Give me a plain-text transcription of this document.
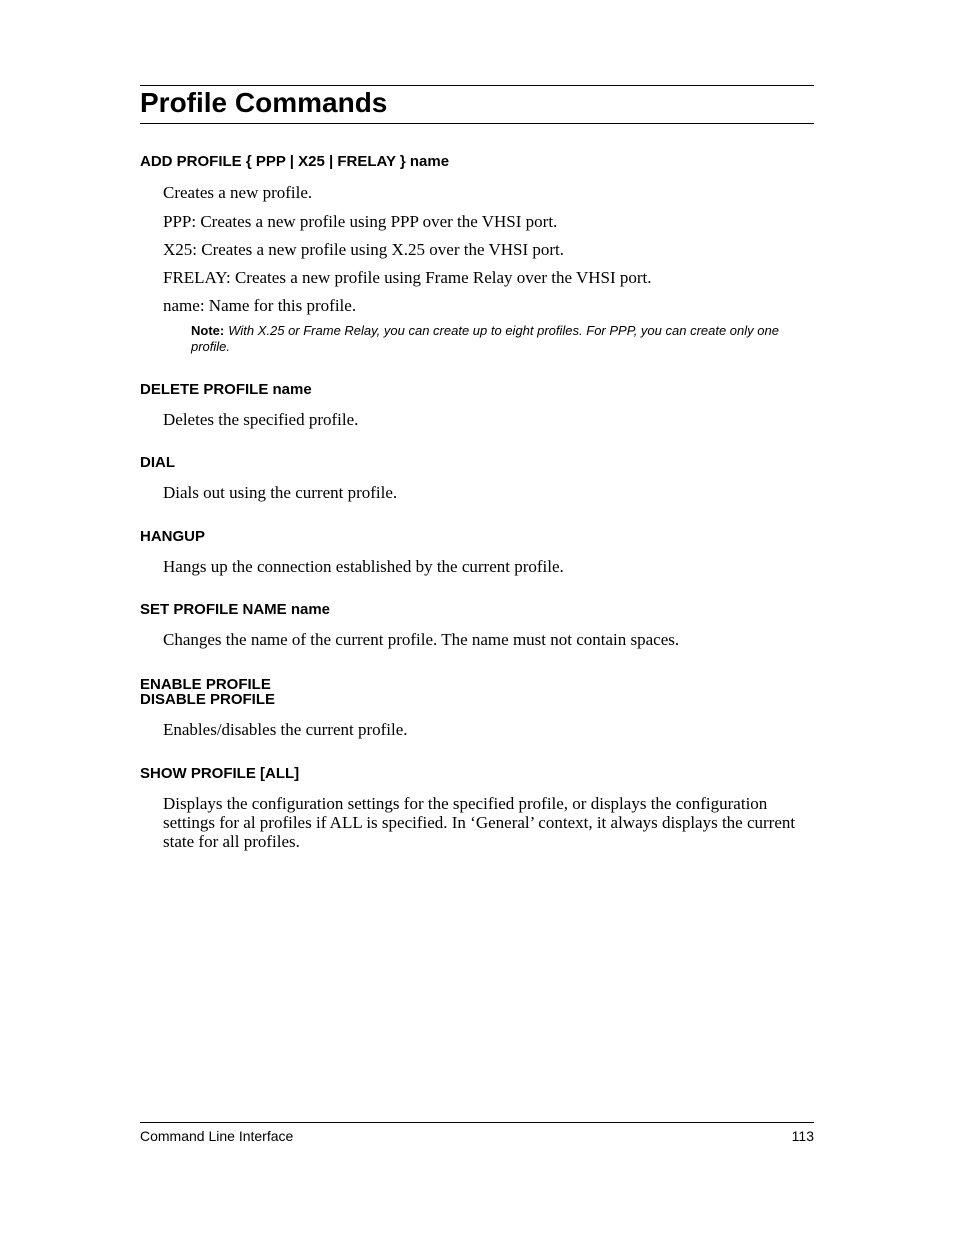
Profile Commands

ADD PROFILE { PPP | X25 | FRELAY } name

Creates a new profile.

PPP: Creates a new profile using PPP over the VHSI port.

X25: Creates a new profile using X.25 over the VHSI port.

FRELAY: Creates a new profile using Frame Relay over the VHSI port.

name: Name for this profile.

Note: With X.25 or Frame Relay, you can create up to eight profiles. For PPP, you can create only one profile.

DELETE PROFILE name

Deletes the specified profile.

DIAL

Dials out using the current profile.

HANGUP

Hangs up the connection established by the current profile.

SET PROFILE NAME name

Changes the name of the current profile. The name must not contain spaces.

ENABLE PROFILE

DISABLE PROFILE

Enables/disables the current profile.

SHOW PROFILE [ALL]

Displays the configuration settings for the specified profile, or displays the configuration settings for al profiles if ALL is specified. In ‘General’ context, it always displays the current state for all profiles.

Command Line Interface	113
